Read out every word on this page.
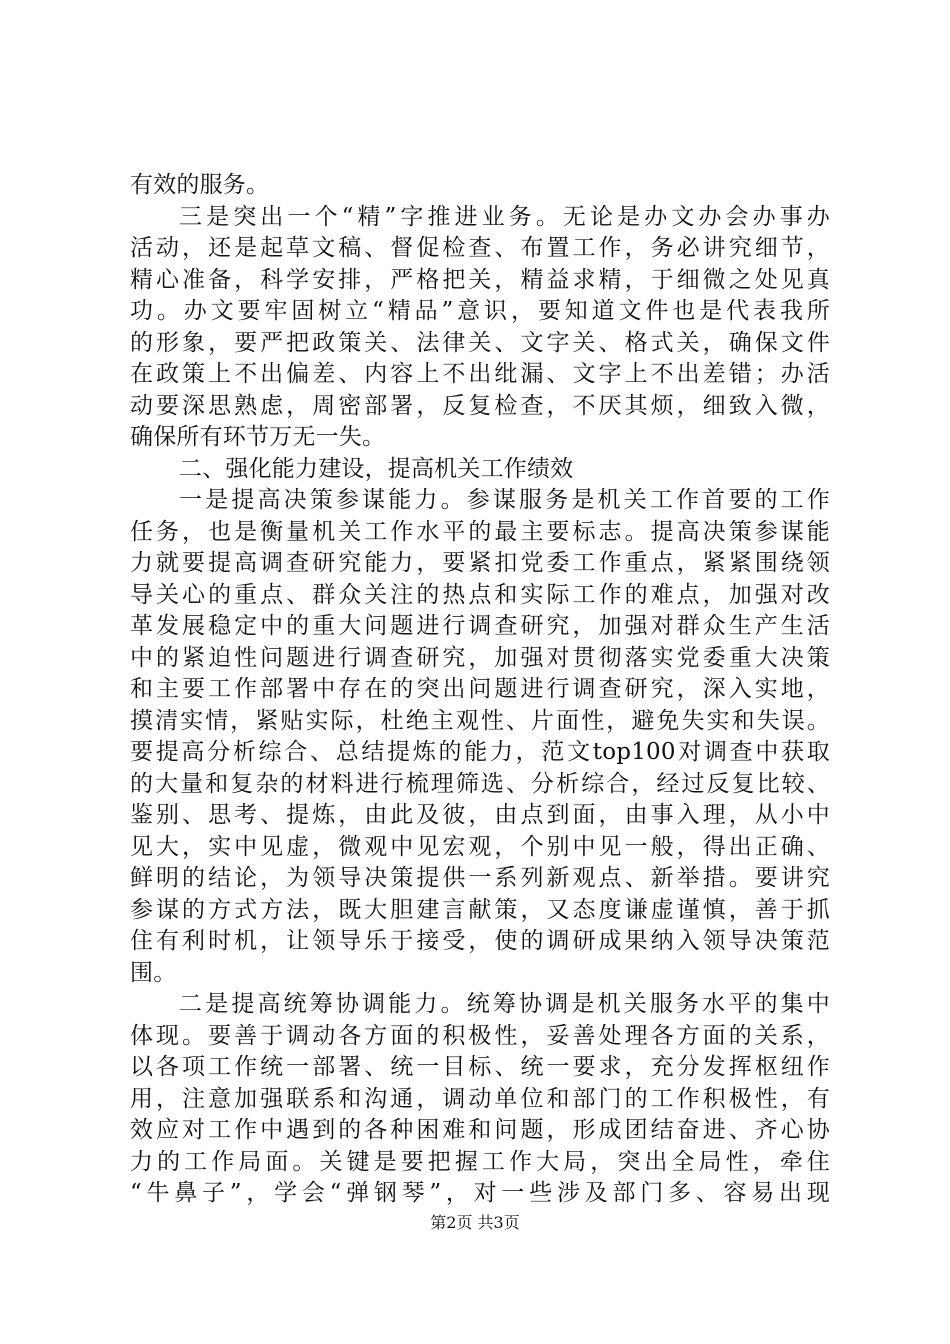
有效的服务。
三是突出一个“精”字推进业务。无论是办文办会办事办
活动，还是起草文稿、督促检查、布置工作，务必讲究细节，
精心准备，科学安排，严格把关，精益求精，于细微之处见真
功。办文要牢固树立“精品”意识，要知道文件也是代表我所
的形象，要严把政策关、法律关、文字关、格式关，确保文件
在政策上不出偏差、内容上不出纰漏、文字上不出差错；办活
动要深思熟虑，周密部署，反复检查，不厌其烦，细致入微，
确保所有环节万无一失。
二、强化能力建设，提高机关工作绩效
一是提高决策参谋能力。参谋服务是机关工作首要的工作
任务，也是衡量机关工作水平的最主要标志。提高决策参谋能
力就要提高调查研究能力，要紧扣党委工作重点，紧紧围绕领
导关心的重点、群众关注的热点和实际工作的难点，加强对改
革发展稳定中的重大问题进行调查研究，加强对群众生产生活
中的紧迫性问题进行调查研究，加强对贯彻落实党委重大决策
和主要工作部署中存在的突出问题进行调查研究，深入实地，
摸清实情，紧贴实际，杜绝主观性、片面性，避免失实和失误。
要提高分析综合、总结提炼的能力，范文top100对调查中获取
的大量和复杂的材料进行梳理筛选、分析综合，经过反复比较、
鉴别、思考、提炼，由此及彼，由点到面，由事入理，从小中
见大，实中见虚，微观中见宏观，个别中见一般，得出正确、
鲜明的结论，为领导决策提供一系列新观点、新举措。要讲究
参谋的方式方法，既大胆建言献策，又态度谦虚谨慎，善于抓
住有利时机，让领导乐于接受，使的调研成果纳入领导决策范
围。
二是提高统筹协调能力。统筹协调是机关服务水平的集中
体现。要善于调动各方面的积极性，妥善处理各方面的关系，
以各项工作统一部署、统一目标、统一要求，充分发挥枢纽作
用，注意加强联系和沟通，调动单位和部门的工作积极性，有
效应对工作中遇到的各种困难和问题，形成团结奋进、齐心协
力的工作局面。关键是要把握工作大局，突出全局性，牵住
“牛鼻子”，学会“弹钢琴”，对一些涉及部门多、容易出现
第2页 共3页
